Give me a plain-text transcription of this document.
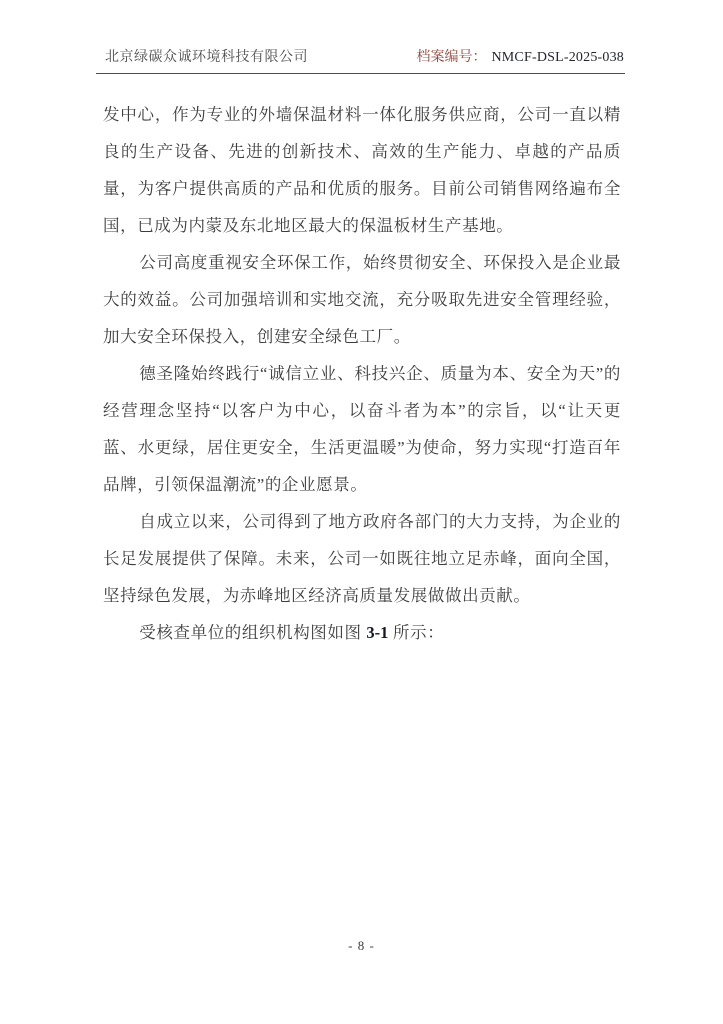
北京绿碳众诚环境科技有限公司	档案编号： NMCF-DSL-2025-038

发中心，作为专业的外墙保温材料一体化服务供应商，公司一直以精良的生产设备、先进的创新技术、高效的生产能力、卓越的产品质量，为客户提供高质的产品和优质的服务。目前公司销售网络遍布全国，已成为内蒙及东北地区最大的保温板材生产基地。

公司高度重视安全环保工作，始终贯彻安全、环保投入是企业最大的效益。公司加强培训和实地交流，充分吸取先进安全管理经验，加大安全环保投入，创建安全绿色工厂。

德圣隆始终践行“诚信立业、科技兴企、质量为本、安全为天”的经营理念坚持“以客户为中心，以奋斗者为本”的宗旨，以“让天更蓝、水更绿，居住更安全，生活更温暖”为使命，努力实现“打造百年品牌，引领保温潮流”的企业愿景。

自成立以来，公司得到了地方政府各部门的大力支持，为企业的长足发展提供了保障。未来，公司一如既往地立足赤峰，面向全国，坚持绿色发展，为赤峰地区经济高质量发展做做出贡献。

受核查单位的组织机构图如图 3-1 所示：

- 8 -
